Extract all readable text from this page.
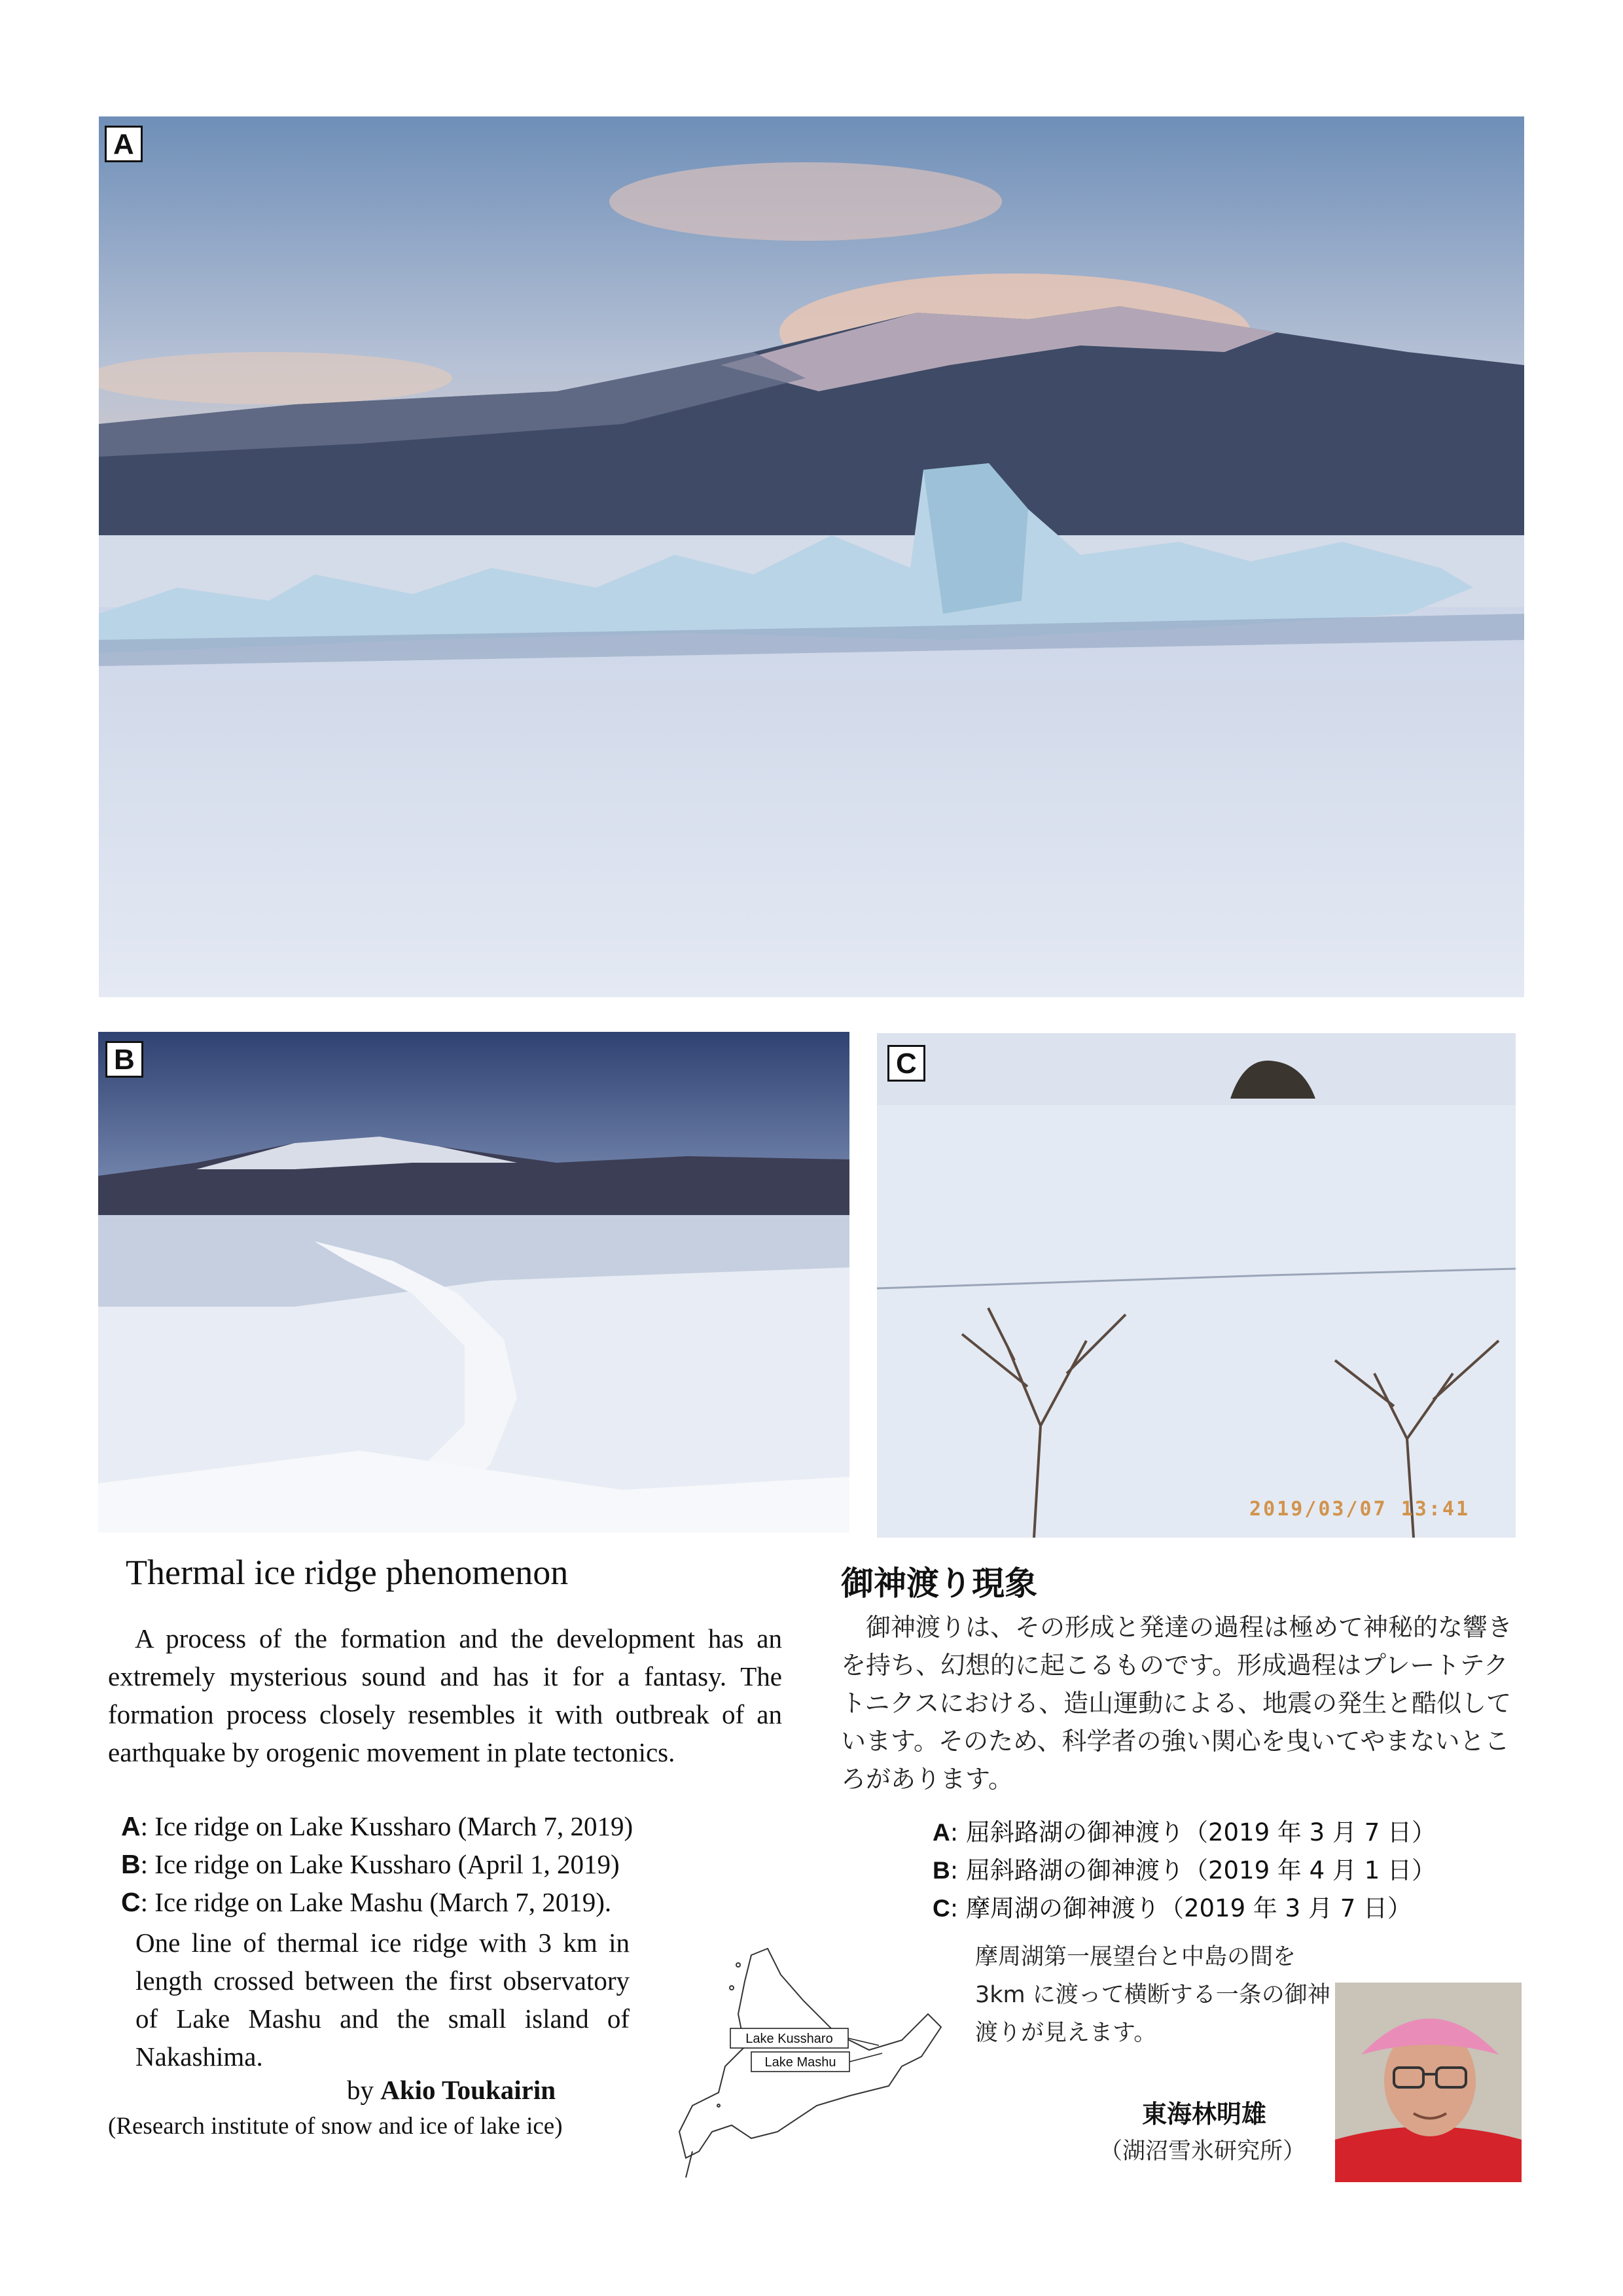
A
B	C
2019/03/07 13:41
Thermal ice ridge phenomenon

A process of the formation and the development has an extremely mysterious sound and has it for a fantasy. The formation process closely resembles it with outbreak of an earthquake by orogenic movement in plate tectonics.

A: Ice ridge on Lake Kussharo (March 7, 2019)
B: Ice ridge on Lake Kussharo (April 1, 2019)
C: Ice ridge on Lake Mashu (March 7, 2019).
One line of thermal ice ridge with 3 km in length crossed between the first observatory of Lake Mashu and the small island of Nakashima.
by Akio Toukairin
(Research institute of snow and ice of lake ice)
Lake Kussharo
Lake Mashu
御神渡り現象
御神渡りは、その形成と発達の過程は極めて神秘的な響きを持ち、幻想的に起こるものです。形成過程はプレートテクトニクスにおける、造山運動による、地震の発生と酷似しています。そのため、科学者の強い関心を曳いてやまないところがあります。
A: 屈斜路湖の御神渡り（2019 年 3 月 7 日）
B: 屈斜路湖の御神渡り（2019 年 4 月 1 日）
C: 摩周湖の御神渡り（2019 年 3 月 7 日）
摩周湖第一展望台と中島の間を 3km に渡って横断する一条の御神渡りが見えます。
東海林明雄
（湖沼雪氷研究所）
